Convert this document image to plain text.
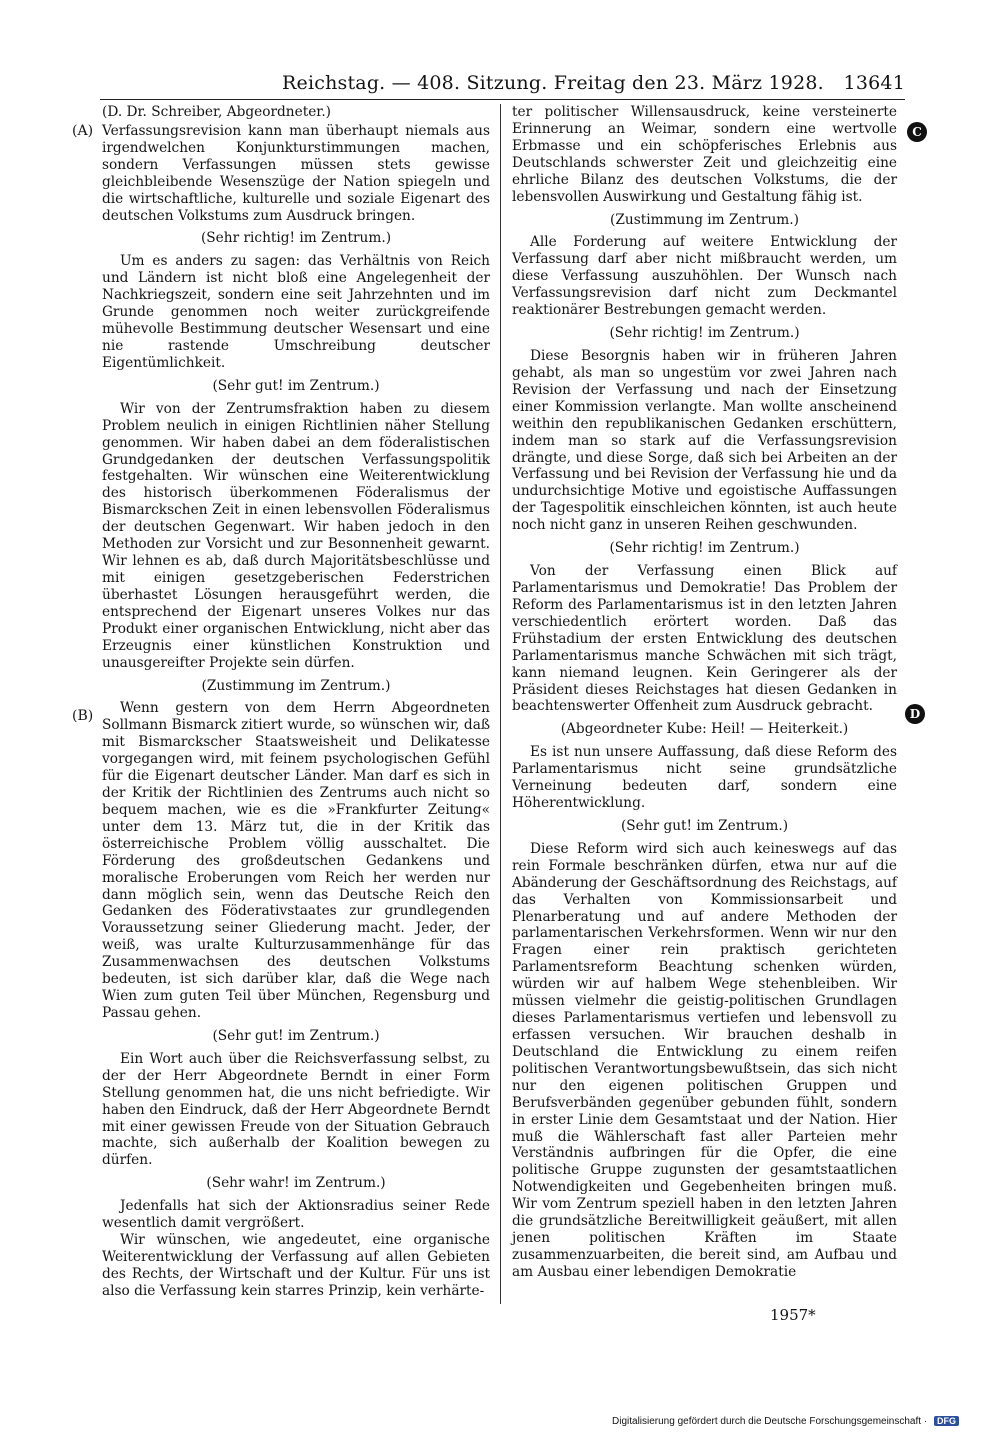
Reichstag. — 408. Sitzung. Freitag den 23. März 1928. 13641
(A)
(B)
C
D

(D. Dr. Schreiber, Abgeordneter.)

Verfassungsrevision kann man überhaupt niemals aus irgendwelchen Konjunkturstimmungen machen, sondern Verfassungen müssen stets gewisse gleichbleibende Wesenszüge der Nation spiegeln und die wirtschaftliche, kulturelle und soziale Eigenart des deutschen Volkstums zum Ausdruck bringen.

(Sehr richtig! im Zentrum.)

Um es anders zu sagen: das Verhältnis von Reich und Ländern ist nicht bloß eine Angelegenheit der Nachkriegszeit, sondern eine seit Jahrzehnten und im Grunde genommen noch weiter zurückgreifende mühevolle Bestimmung deutscher Wesensart und eine nie rastende Umschreibung deutscher Eigentümlichkeit.

(Sehr gut! im Zentrum.)

Wir von der Zentrumsfraktion haben zu diesem Problem neulich in einigen Richtlinien näher Stellung genommen. Wir haben dabei an dem föderalistischen Grundgedanken der deutschen Verfassungspolitik festgehalten. Wir wünschen eine Weiterentwicklung des historisch überkommenen Föderalismus der Bismarckschen Zeit in einen lebensvollen Föderalismus der deutschen Gegenwart. Wir haben jedoch in den Methoden zur Vorsicht und zur Besonnenheit gewarnt. Wir lehnen es ab, daß durch Majoritätsbeschlüsse und mit einigen gesetzgeberischen Federstrichen überhastet Lösungen herausgeführt werden, die entsprechend der Eigenart unseres Volkes nur das Produkt einer organischen Entwicklung, nicht aber das Erzeugnis einer künstlichen Konstruktion und unausgereifter Projekte sein dürfen.

(Zustimmung im Zentrum.)

Wenn gestern von dem Herrn Abgeordneten Sollmann Bismarck zitiert wurde, so wünschen wir, daß mit Bismarckscher Staatsweisheit und Delikatesse vorgegangen wird, mit feinem psychologischen Gefühl für die Eigenart deutscher Länder. Man darf es sich in der Kritik der Richtlinien des Zentrums auch nicht so bequem machen, wie es die »Frankfurter Zeitung« unter dem 13. März tut, die in der Kritik das österreichische Problem völlig ausschaltet. Die Förderung des großdeutschen Gedankens und moralische Eroberungen vom Reich her werden nur dann möglich sein, wenn das Deutsche Reich den Gedanken des Föderativstaates zur grundlegenden Voraussetzung seiner Gliederung macht. Jeder, der weiß, was uralte Kulturzusammenhänge für das Zusammenwachsen des deutschen Volkstums bedeuten, ist sich darüber klar, daß die Wege nach Wien zum guten Teil über München, Regensburg und Passau gehen.

(Sehr gut! im Zentrum.)

Ein Wort auch über die Reichsverfassung selbst, zu der der Herr Abgeordnete Berndt in einer Form Stellung genommen hat, die uns nicht befriedigte. Wir haben den Eindruck, daß der Herr Abgeordnete Berndt mit einer gewissen Freude von der Situation Gebrauch machte, sich außerhalb der Koalition bewegen zu dürfen.

(Sehr wahr! im Zentrum.)

Jedenfalls hat sich der Aktionsradius seiner Rede wesentlich damit vergrößert.

Wir wünschen, wie angedeutet, eine organische Weiterentwicklung der Verfassung auf allen Gebieten des Rechts, der Wirtschaft und der Kultur. Für uns ist also die Verfassung kein starres Prinzip, kein verhärte-

ter politischer Willensausdruck, keine versteinerte Erinnerung an Weimar, sondern eine wertvolle Erbmasse und ein schöpferisches Erlebnis aus Deutschlands schwerster Zeit und gleichzeitig eine ehrliche Bilanz des deutschen Volkstums, die der lebensvollen Auswirkung und Gestaltung fähig ist.

(Zustimmung im Zentrum.)

Alle Forderung auf weitere Entwicklung der Verfassung darf aber nicht mißbraucht werden, um diese Verfassung auszuhöhlen. Der Wunsch nach Verfassungsrevision darf nicht zum Deckmantel reaktionärer Bestrebungen gemacht werden.

(Sehr richtig! im Zentrum.)

Diese Besorgnis haben wir in früheren Jahren gehabt, als man so ungestüm vor zwei Jahren nach Revision der Verfassung und nach der Einsetzung einer Kommission verlangte. Man wollte anscheinend weithin den republikanischen Gedanken erschüttern, indem man so stark auf die Verfassungsrevision drängte, und diese Sorge, daß sich bei Arbeiten an der Verfassung und bei Revision der Verfassung hie und da undurchsichtige Motive und egoistische Auffassungen der Tagespolitik einschleichen könnten, ist auch heute noch nicht ganz in unseren Reihen geschwunden.

(Sehr richtig! im Zentrum.)

Von der Verfassung einen Blick auf Parlamentarismus und Demokratie! Das Problem der Reform des Parlamentarismus ist in den letzten Jahren verschiedentlich erörtert worden. Daß das Frühstadium der ersten Entwicklung des deutschen Parlamentarismus manche Schwächen mit sich trägt, kann niemand leugnen. Kein Geringerer als der Präsident dieses Reichstages hat diesen Gedanken in beachtenswerter Offenheit zum Ausdruck gebracht.

(Abgeordneter Kube: Heil! — Heiterkeit.)

Es ist nun unsere Auffassung, daß diese Reform des Parlamentarismus nicht seine grundsätzliche Verneinung bedeuten darf, sondern eine Höherentwicklung.

(Sehr gut! im Zentrum.)

Diese Reform wird sich auch keineswegs auf das rein Formale beschränken dürfen, etwa nur auf die Abänderung der Geschäftsordnung des Reichstags, auf das Verhalten von Kommissionsarbeit und Plenarberatung und auf andere Methoden der parlamentarischen Verkehrsformen. Wenn wir nur den Fragen einer rein praktisch gerichteten Parlamentsreform Beachtung schenken würden, würden wir auf halbem Wege stehenbleiben. Wir müssen vielmehr die geistig-politischen Grundlagen dieses Parlamentarismus vertiefen und lebensvoll zu erfassen versuchen. Wir brauchen deshalb in Deutschland die Entwicklung zu einem reifen politischen Verantwortungsbewußtsein, das sich nicht nur den eigenen politischen Gruppen und Berufsverbänden gegenüber gebunden fühlt, sondern in erster Linie dem Gesamtstaat und der Nation. Hier muß die Wählerschaft fast aller Parteien mehr Verständnis aufbringen für die Opfer, die eine politische Gruppe zugunsten der gesamtstaatlichen Notwendigkeiten und Gegebenheiten bringen muß. Wir vom Zentrum speziell haben in den letzten Jahren die grundsätzliche Bereitwilligkeit geäußert, mit allen jenen politischen Kräften im Staate zusammenzuarbeiten, die bereit sind, am Aufbau und am Ausbau einer lebendigen Demokratie

1957*
Digitalisierung gefördert durch die Deutsche Forschungsgemeinschaft · DFG
